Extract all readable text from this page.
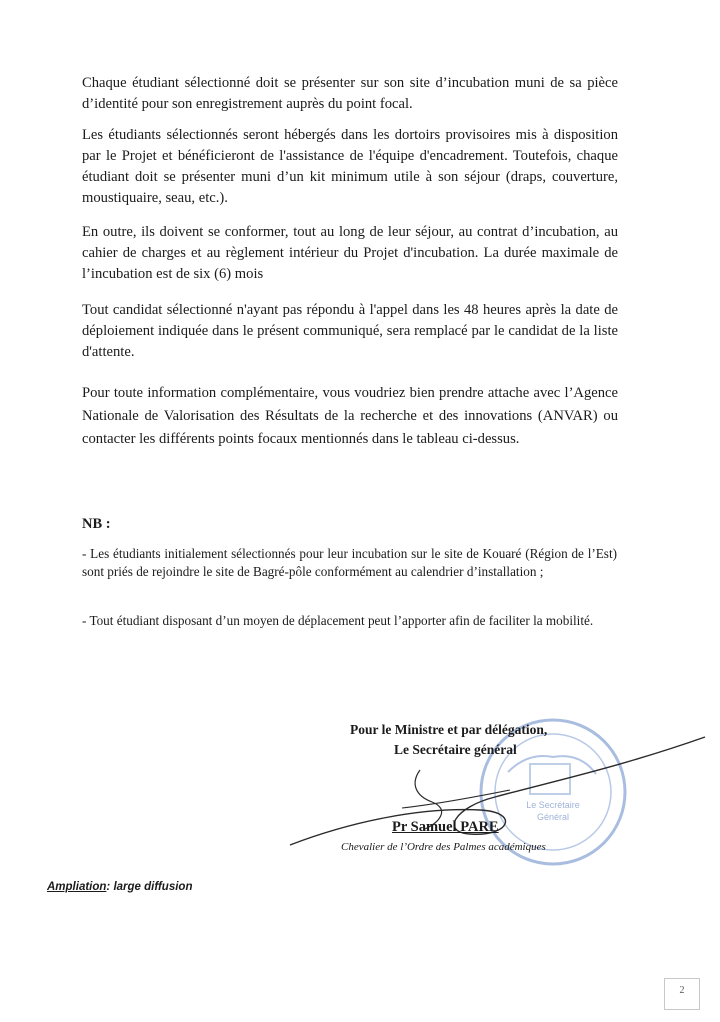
Chaque étudiant sélectionné doit se présenter sur son site d’incubation muni de sa pièce d’identité pour son enregistrement auprès du point focal.
Les étudiants sélectionnés seront hébergés dans les dortoirs provisoires mis à disposition par le Projet et bénéficieront de l'assistance de l'équipe d'encadrement. Toutefois, chaque étudiant doit se présenter muni d’un kit minimum utile à son séjour (draps, couverture, moustiquaire, seau, etc.).
En outre, ils doivent se conformer, tout au long de leur séjour, au contrat d’incubation, au cahier de charges et au règlement intérieur du Projet d'incubation. La durée maximale de l’incubation est de six (6) mois
Tout candidat sélectionné n'ayant pas répondu à l'appel dans les 48 heures après la date de déploiement indiquée dans le présent communiqué, sera remplacé par le candidat de la liste d'attente.
Pour toute information complémentaire, vous voudriez bien prendre attache avec l’Agence Nationale de Valorisation des Résultats de la recherche et des innovations (ANVAR) ou contacter les différents points focaux mentionnés dans le tableau ci-dessus.
NB :
- Les étudiants initialement sélectionnés pour leur incubation sur le site de Kouaré (Région de l’Est) sont priés de rejoindre le site de Bagré-pôle conformément au calendrier d’installation ;
- Tout étudiant disposant d’un moyen de déplacement peut l’apporter afin de faciliter la mobilité.
Le Secrétaire
Général
Pour le Ministre et par délégation,
Le Secrétaire général
Pr Samuel PARE
Chevalier de l’Ordre des Palmes académiques
Ampliation: large diffusion
2
